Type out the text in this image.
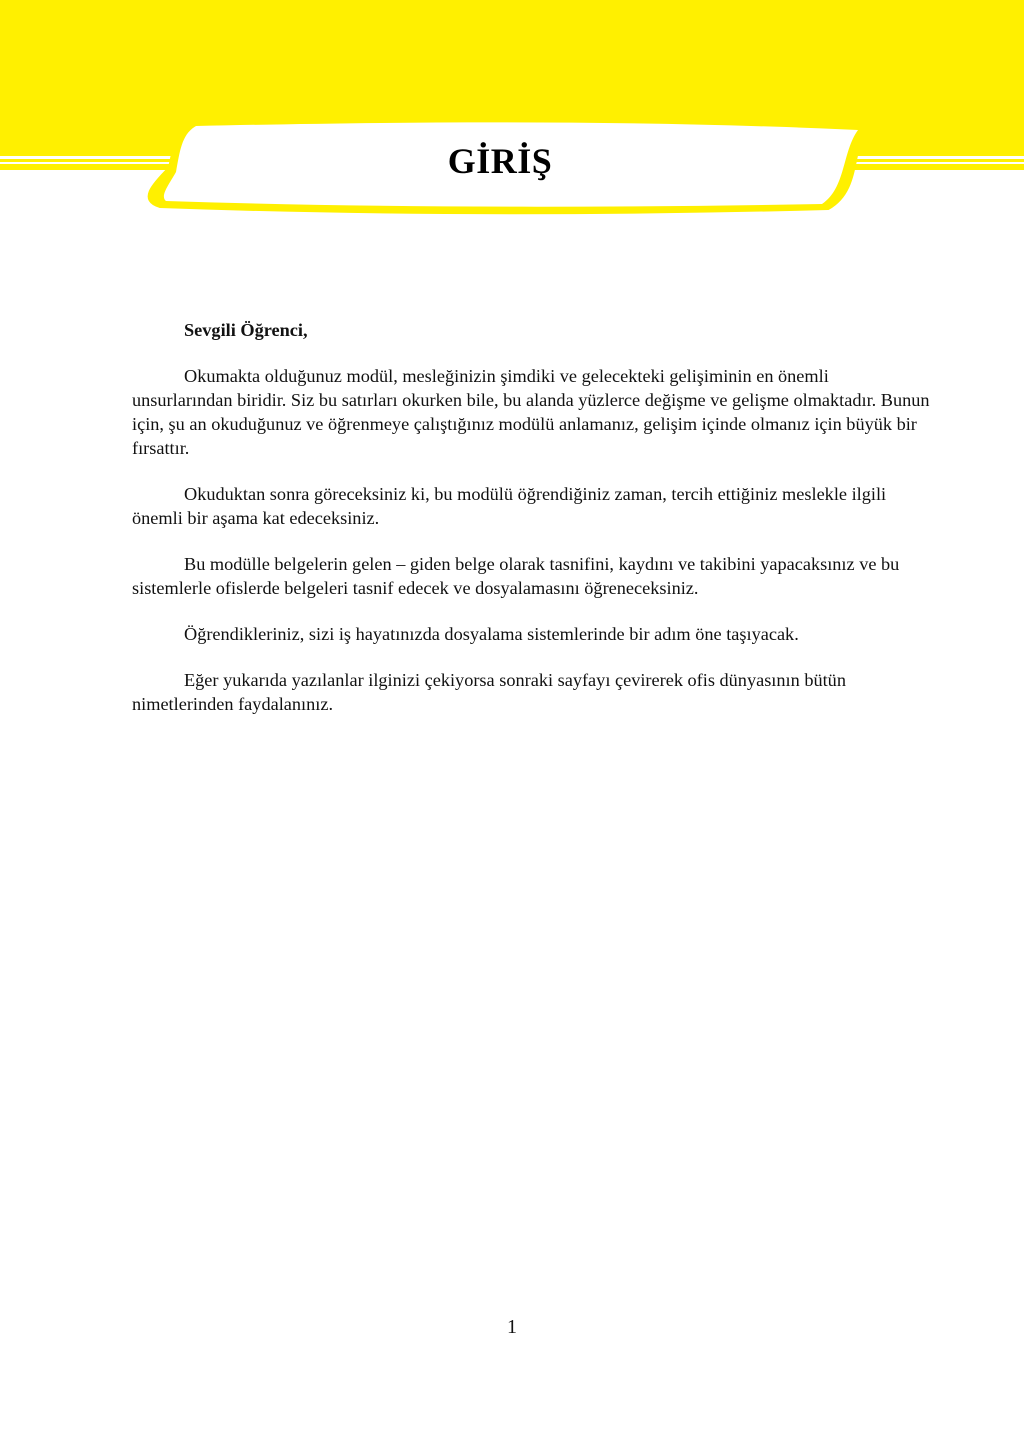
GİRİŞ

Sevgili Öğrenci,

Okumakta olduğunuz modül, mesleğinizin şimdiki ve gelecekteki gelişiminin en önemli unsurlarından biridir. Siz bu satırları okurken bile, bu alanda yüzlerce değişme ve gelişme olmaktadır. Bunun için, şu an okuduğunuz ve öğrenmeye çalıştığınız modülü anlamanız, gelişim içinde olmanız için büyük bir fırsattır.

Okuduktan sonra göreceksiniz ki, bu modülü öğrendiğiniz zaman, tercih ettiğiniz meslekle ilgili önemli bir aşama kat edeceksiniz.

Bu modülle belgelerin gelen – giden belge olarak tasnifini, kaydını ve takibini yapacaksınız ve bu sistemlerle ofislerde belgeleri tasnif edecek ve dosyalamasını öğreneceksiniz.

Öğrendikleriniz, sizi iş hayatınızda dosyalama sistemlerinde bir adım öne taşıyacak.

Eğer yukarıda yazılanlar ilginizi çekiyorsa sonraki sayfayı çevirerek ofis dünyasının bütün nimetlerinden faydalanınız.

1
